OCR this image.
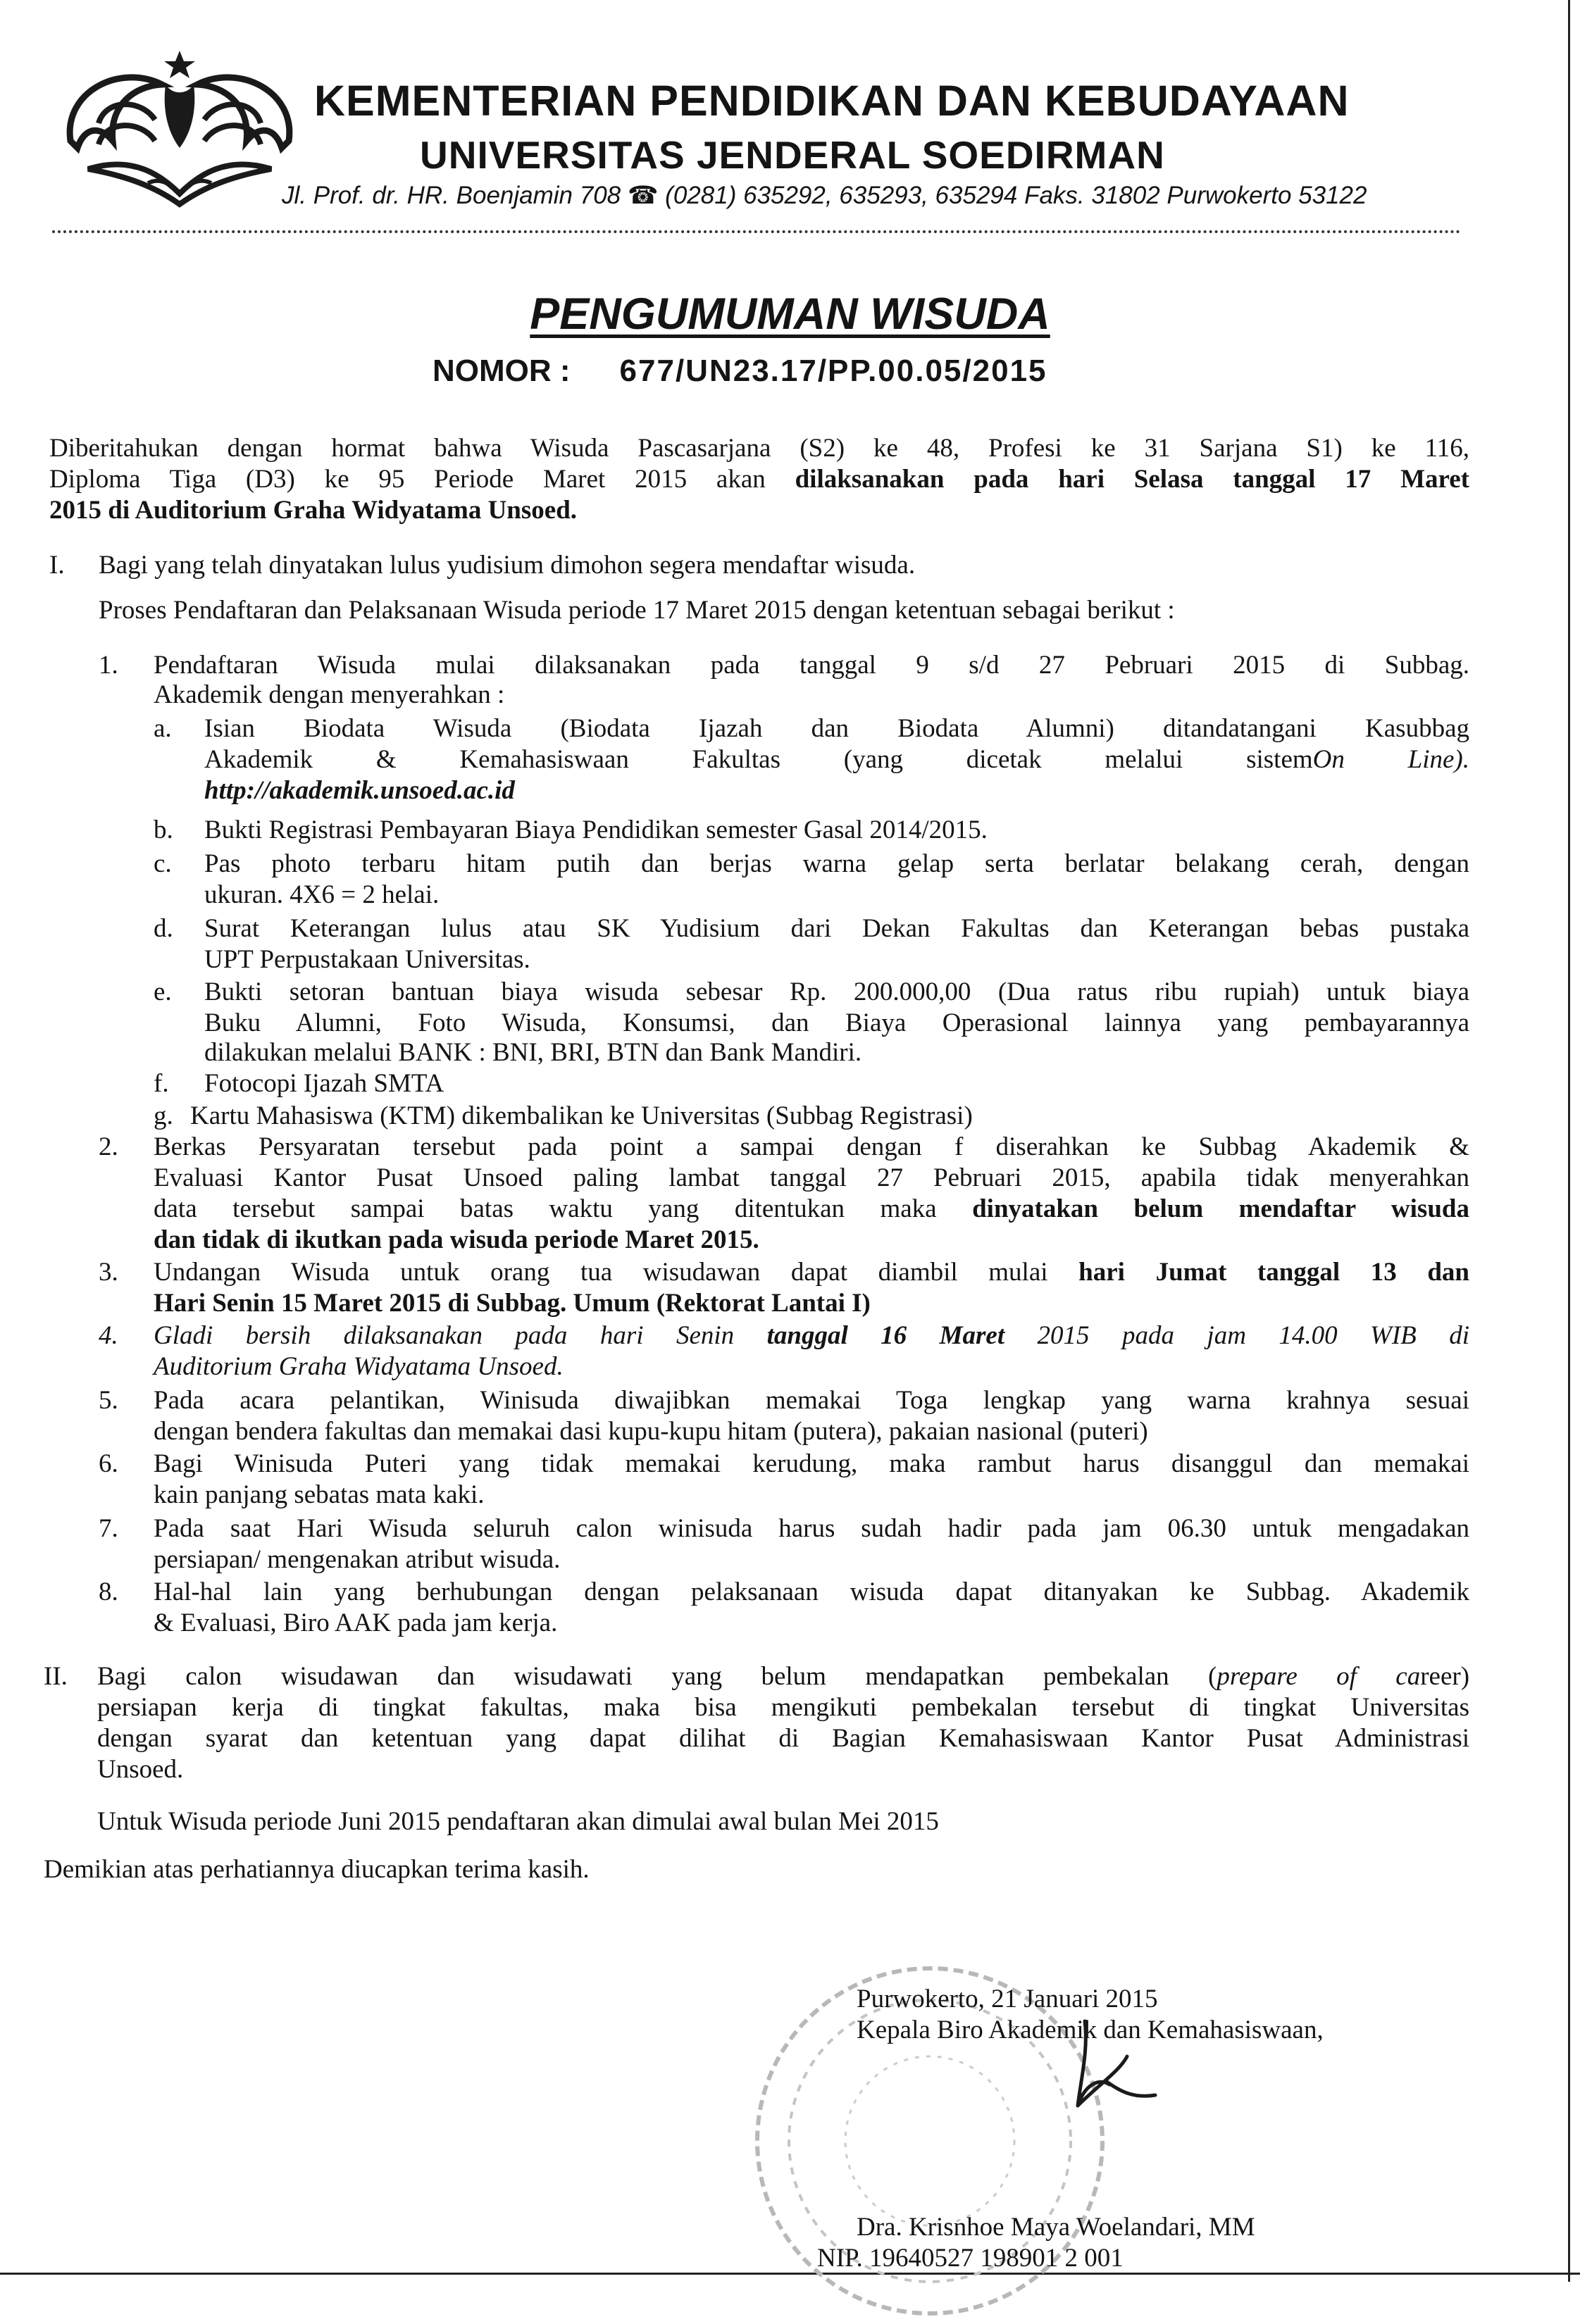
KEMENTERIAN PENDIDIKAN DAN KEBUDAYAAN
UNIVERSITAS JENDERAL SOEDIRMAN
Jl. Prof. dr. HR. Boenjamin 708 ☎ (0281) 635292, 635293, 635294 Faks. 31802 Purwokerto 53122
PENGUMUMAN WISUDA
NOMOR : 677/UN23.17/PP.00.05/2015
Diberitahukan dengan hormat bahwa Wisuda Pascasarjana (S2) ke 48, Profesi ke 31 Sarjana S1) ke 116,
Diploma Tiga (D3) ke 95 Periode Maret 2015 akan dilaksanakan pada hari Selasa tanggal 17 Maret
2015 di Auditorium Graha Widyatama Unsoed.
I. Bagi yang telah dinyatakan lulus yudisium dimohon segera mendaftar wisuda.
Proses Pendaftaran dan Pelaksanaan Wisuda periode 17 Maret 2015 dengan ketentuan sebagai berikut :
1. Pendaftaran Wisuda mulai dilaksanakan pada tanggal 9 s/d 27 Pebruari 2015 di Subbag.
Akademik dengan menyerahkan :
a. Isian Biodata Wisuda (Biodata Ijazah dan Biodata Alumni) ditandatangani Kasubbag
Akademik & Kemahasiswaan Fakultas (yang dicetak melalui sistemOn Line).
http://akademik.unsoed.ac.id
b. Bukti Registrasi Pembayaran Biaya Pendidikan semester Gasal 2014/2015.
c. Pas photo terbaru hitam putih dan berjas warna gelap serta berlatar belakang cerah, dengan
ukuran. 4X6 = 2 helai.
d. Surat Keterangan lulus atau SK Yudisium dari Dekan Fakultas dan Keterangan bebas pustaka
UPT Perpustakaan Universitas.
e. Bukti setoran bantuan biaya wisuda sebesar Rp. 200.000,00 (Dua ratus ribu rupiah) untuk biaya
Buku Alumni, Foto Wisuda, Konsumsi, dan Biaya Operasional lainnya yang pembayarannya
dilakukan melalui BANK : BNI, BRI, BTN dan Bank Mandiri.
f. Fotocopi Ijazah SMTA
g. Kartu Mahasiswa (KTM) dikembalikan ke Universitas (Subbag Registrasi)
2. Berkas Persyaratan tersebut pada point a sampai dengan f diserahkan ke Subbag Akademik &
Evaluasi Kantor Pusat Unsoed paling lambat tanggal 27 Pebruari 2015, apabila tidak menyerahkan
data tersebut sampai batas waktu yang ditentukan maka dinyatakan belum mendaftar wisuda
dan tidak di ikutkan pada wisuda periode Maret 2015.
3. Undangan Wisuda untuk orang tua wisudawan dapat diambil mulai hari Jumat tanggal 13 dan
Hari Senin 15 Maret 2015 di Subbag. Umum (Rektorat Lantai I)
4. Gladi bersih dilaksanakan pada hari Senin tanggal 16 Maret 2015 pada jam 14.00 WIB di
Auditorium Graha Widyatama Unsoed.
5. Pada acara pelantikan, Winisuda diwajibkan memakai Toga lengkap yang warna krahnya sesuai
dengan bendera fakultas dan memakai dasi kupu-kupu hitam (putera), pakaian nasional (puteri)
6. Bagi Winisuda Puteri yang tidak memakai kerudung, maka rambut harus disanggul dan memakai
kain panjang sebatas mata kaki.
7. Pada saat Hari Wisuda seluruh calon winisuda harus sudah hadir pada jam 06.30 untuk mengadakan
persiapan/ mengenakan atribut wisuda.
8. Hal-hal lain yang berhubungan dengan pelaksanaan wisuda dapat ditanyakan ke Subbag. Akademik
& Evaluasi, Biro AAK pada jam kerja.
II. Bagi calon wisudawan dan wisudawati yang belum mendapatkan pembekalan (prepare of career)
persiapan kerja di tingkat fakultas, maka bisa mengikuti pembekalan tersebut di tingkat Universitas
dengan syarat dan ketentuan yang dapat dilihat di Bagian Kemahasiswaan Kantor Pusat Administrasi
Unsoed.
Untuk Wisuda periode Juni 2015 pendaftaran akan dimulai awal bulan Mei 2015
Demikian atas perhatiannya diucapkan terima kasih.
Purwokerto, 21 Januari 2015
Kepala Biro Akademik dan Kemahasiswaan,
Dra. Krisnhoe Maya Woelandari, MM
NIP. 19640527 198901 2 001
